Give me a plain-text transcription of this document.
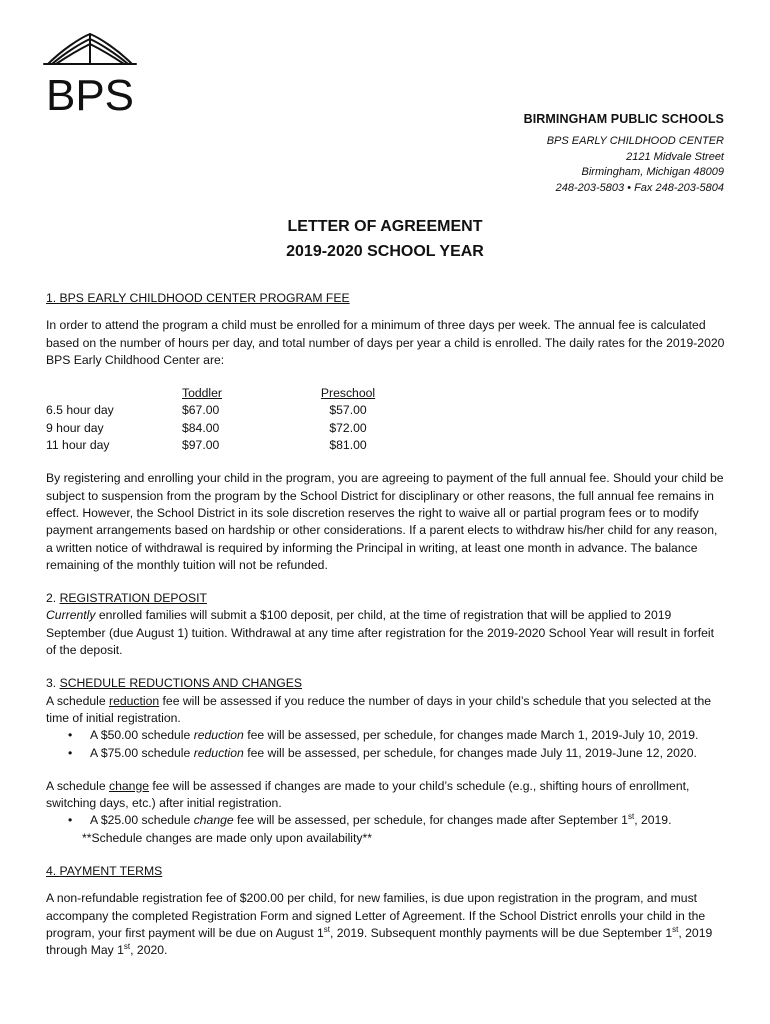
BPS	BIRMINGHAM PUBLIC SCHOOLS
BPS EARLY CHILDHOOD CENTER
2121 Midvale Street
Birmingham, Michigan 48009
248-203-5803 • Fax 248-203-5804
LETTER OF AGREEMENT
2019-2020 SCHOOL YEAR

1. BPS EARLY CHILDHOOD CENTER PROGRAM FEE

In order to attend the program a child must be enrolled for a minimum of three days per week. The annual fee is calculated based on the number of hours per day, and total number of days per year a child is enrolled. The daily rates for the 2019-2020 BPS Early Childhood Center are:

	Toddler	Preschool
6.5 hour day	$67.00	$57.00
9 hour day	$84.00	$72.00
11 hour day	$97.00	$81.00

By registering and enrolling your child in the program, you are agreeing to payment of the full annual fee. Should your child be subject to suspension from the program by the School District for disciplinary or other reasons, the full annual fee remains in effect. However, the School District in its sole discretion reserves the right to waive all or partial program fees or to modify payment arrangements based on hardship or other considerations. If a parent elects to withdraw his/her child for any reason, a written notice of withdrawal is required by informing the Principal in writing, at least one month in advance. The balance remaining of the monthly tuition will not be refunded.

2. REGISTRATION DEPOSIT

Currently enrolled families will submit a $100 deposit, per child, at the time of registration that will be applied to 2019 September (due August 1) tuition. Withdrawal at any time after registration for the 2019-2020 School Year will result in forfeit of the deposit.

3. SCHEDULE REDUCTIONS AND CHANGES

A schedule reduction fee will be assessed if you reduce the number of days in your child’s schedule that you selected at the time of initial registration.

• A $50.00 schedule reduction fee will be assessed, per schedule, for changes made March 1, 2019-July 10, 2019.
• A $75.00 schedule reduction fee will be assessed, per schedule, for changes made July 11, 2019-June 12, 2020.

A schedule change fee will be assessed if changes are made to your child’s schedule (e.g., shifting hours of enrollment, switching days, etc.) after initial registration.

• A $25.00 schedule change fee will be assessed, per schedule, for changes made after September 1st, 2019.

**Schedule changes are made only upon availability**

4. PAYMENT TERMS

A non-refundable registration fee of $200.00 per child, for new families, is due upon registration in the program, and must accompany the completed Registration Form and signed Letter of Agreement. If the School District enrolls your child in the program, your first payment will be due on August 1st, 2019. Subsequent monthly payments will be due September 1st, 2019 through May 1st, 2020.
